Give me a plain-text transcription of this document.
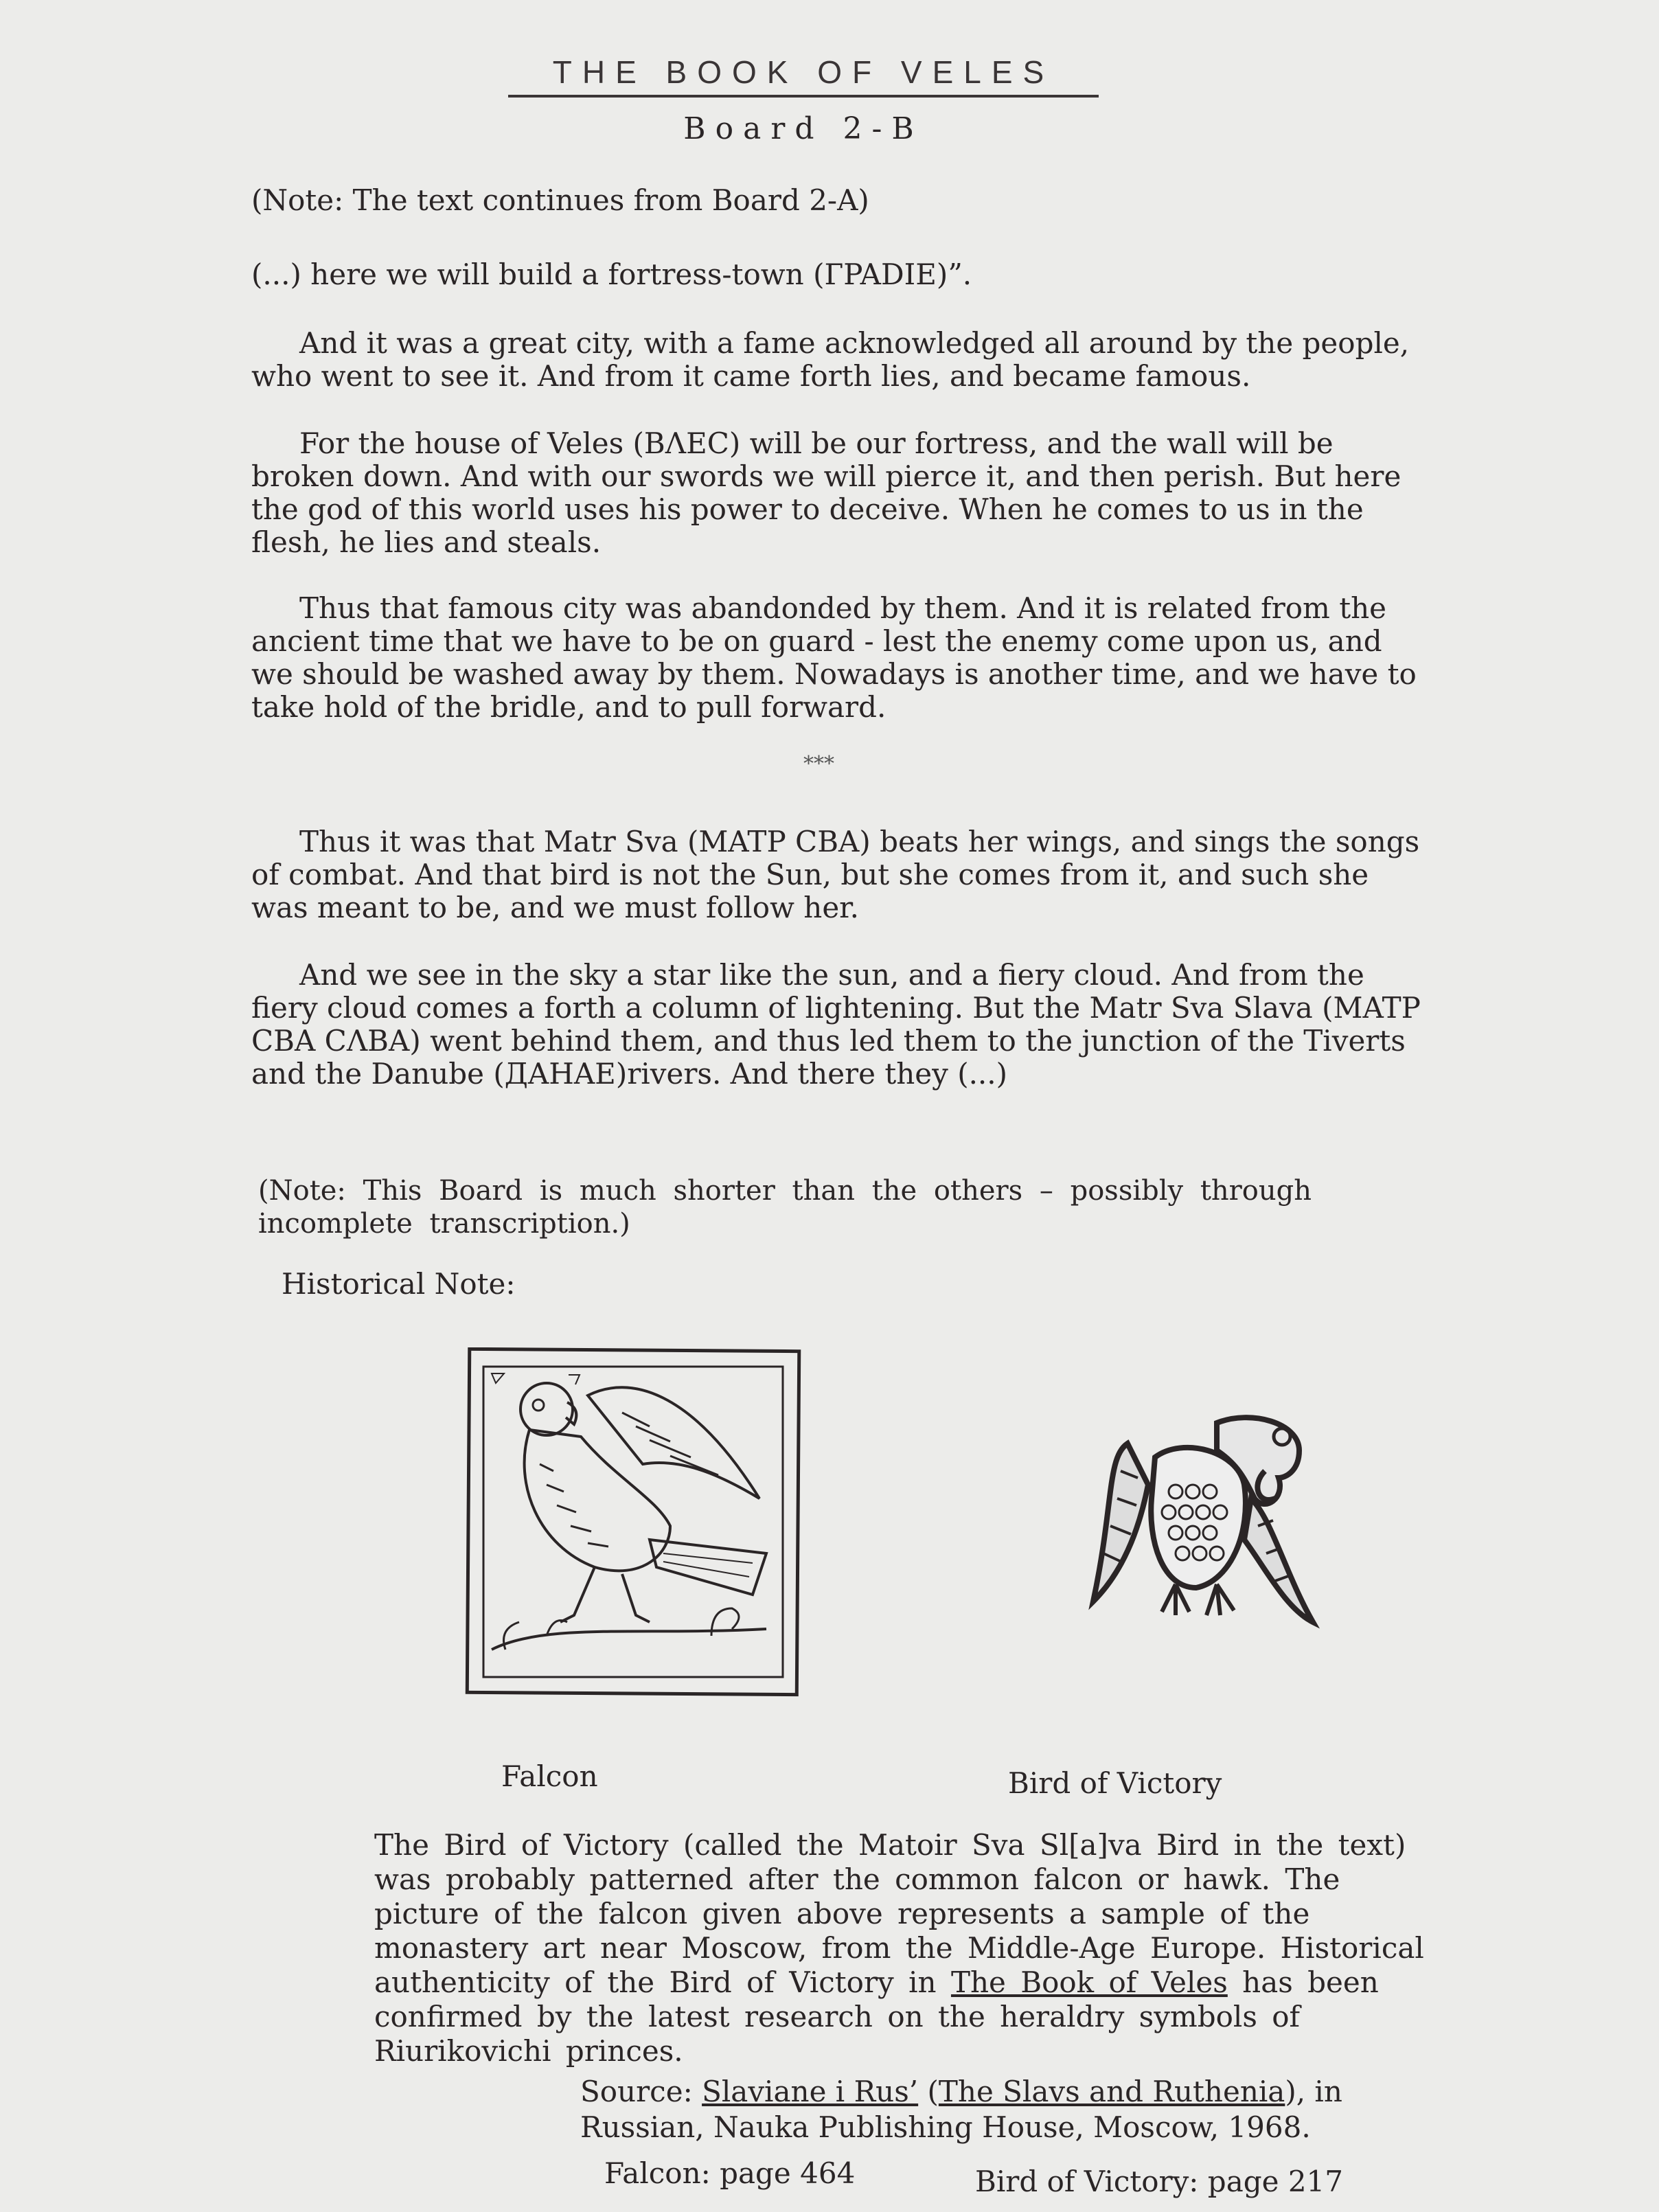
THE BOOK OF VELES
Board 2-B

(Note: The text continues from Board 2-A)

(...) here we will build a fortress-town (ГPADIE)”.

And it was a great city, with a fame acknowledged all around by the people, who went to see it. And from it came forth lies, and became famous.

For the house of Veles (BΛEC) will be our fortress, and the wall will be broken down. And with our swords we will pierce it, and then perish. But here the god of this world uses his power to deceive. When he comes to us in the flesh, he lies and steals.

Thus that famous city was abandonded by them. And it is related from the ancient time that we have to be on guard - lest the enemy come upon us, and we should be washed away by them. Nowadays is another time, and we have to take hold of the bridle, and to pull forward.

***

Thus it was that Matr Sva (MATP CBA) beats her wings, and sings the songs of combat. And that bird is not the Sun, but she comes from it, and such she was meant to be, and we must follow her.

And we see in the sky a star like the sun, and a fiery cloud. And from the fiery cloud comes a forth a column of lightening. But the Matr Sva Slava (MATP CBA CΛBA) went behind them, and thus led them to the junction of the Tiverts and the Danube (ДAHAE)rivers. And there they (...)

(Note: This Board is much shorter than the others – possibly through incomplete transcription.)
Historical Note:
Falcon	Bird of Victory
The Bird of Victory (called the Matoir Sva Sl[a]va Bird in the text) was probably patterned after the common falcon or hawk. The picture of the falcon given above represents a sample of the monastery art near Moscow, from the Middle-Age Europe. Historical authenticity of the Bird of Victory in The Book of Veles has been confirmed by the latest research on the heraldry symbols of Riurikovichi princes.
Source: Slaviane i Rus’ (The Slavs and Ruthenia), in Russian, Nauka Publishing House, Moscow, 1968.
Falcon: page 464	Bird of Victory: page 217
